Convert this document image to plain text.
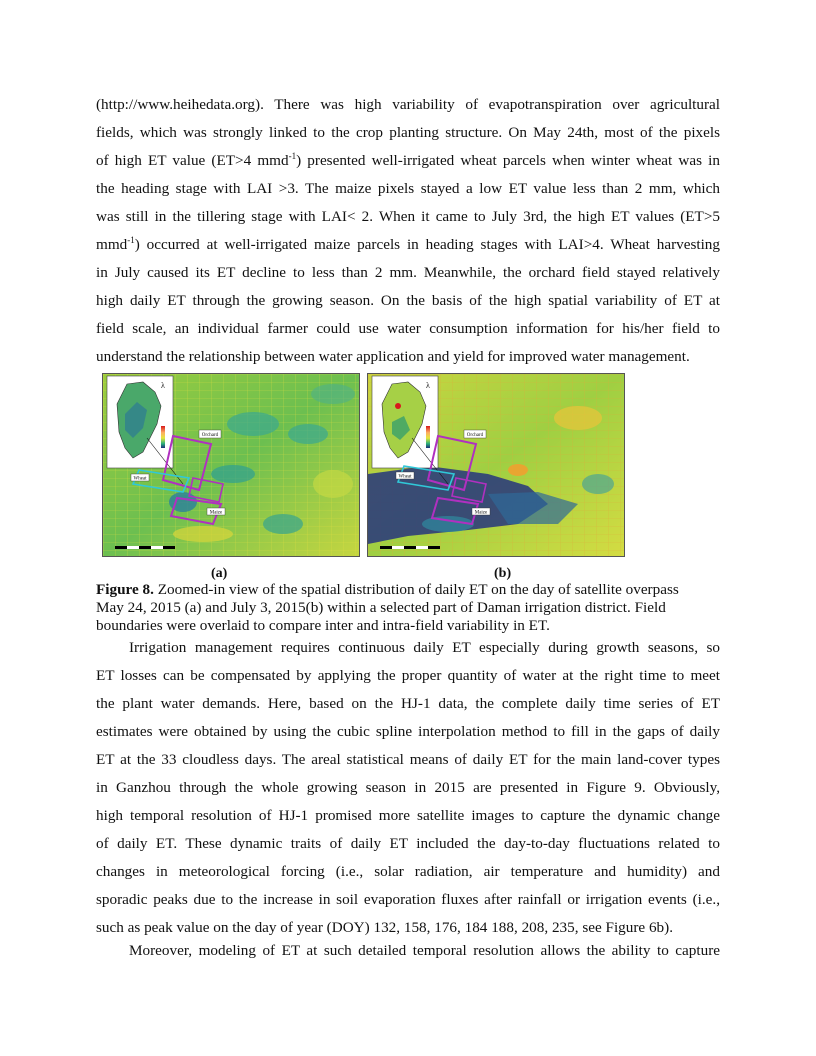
(http://www.heihedata.org). There was high variability of evapotranspiration over agricultural
fields, which was strongly linked to the crop planting structure. On May 24th, most of the pixels
of high ET value (ET>4 mmd$^{-1}$) presented well-irrigated wheat parcels when winter wheat was in
the heading stage with LAI >3. The maize pixels stayed a low ET value less than 2 mm, which
was still in the tillering stage with LAI< 2. When it came to July 3rd, the high ET values (ET>5
mmd$^{-1}$) occurred at well-irrigated maize parcels in heading stages with LAI>4. Wheat harvesting
in July caused its ET decline to less than 2 mm. Meanwhile, the orchard field stayed relatively
high daily ET through the growing season. On the basis of the high spatial variability of ET at
field scale, an individual farmer could use water consumption information for his/her field to
understand the relationship between water application and yield for improved water management.
λ
Orchard
Wheat
Maize
λ
Orchard
Wheat
Maize
(a)	(b)
Figure 8. Zoomed-in view of the spatial distribution of daily ET on the day of satellite overpass
May 24, 2015 (a) and July 3, 2015(b) within a selected part of Daman irrigation district. Field
boundaries were overlaid to compare inter and intra-field variability in ET.
Irrigation management requires continuous daily ET especially during growth seasons, so
ET losses can be compensated by applying the proper quantity of water at the right time to meet
the plant water demands. Here, based on the HJ-1 data, the complete daily time series of ET
estimates were obtained by using the cubic spline interpolation method to fill in the gaps of daily
ET at the 33 cloudless days. The areal statistical means of daily ET for the main land-cover types
in Ganzhou through the whole growing season in 2015 are presented in Figure 9. Obviously,
high temporal resolution of HJ-1 promised more satellite images to capture the dynamic change
of daily ET. These dynamic traits of daily ET included the day-to-day fluctuations related to
changes in meteorological forcing (i.e., solar radiation, air temperature and humidity) and
sporadic peaks due to the increase in soil evaporation fluxes after rainfall or irrigation events (i.e.,
such as peak value on the day of year (DOY) 132, 158, 176, 184 188, 208, 235, see Figure 6b).
Moreover, modeling of ET at such detailed temporal resolution allows the ability to capture
